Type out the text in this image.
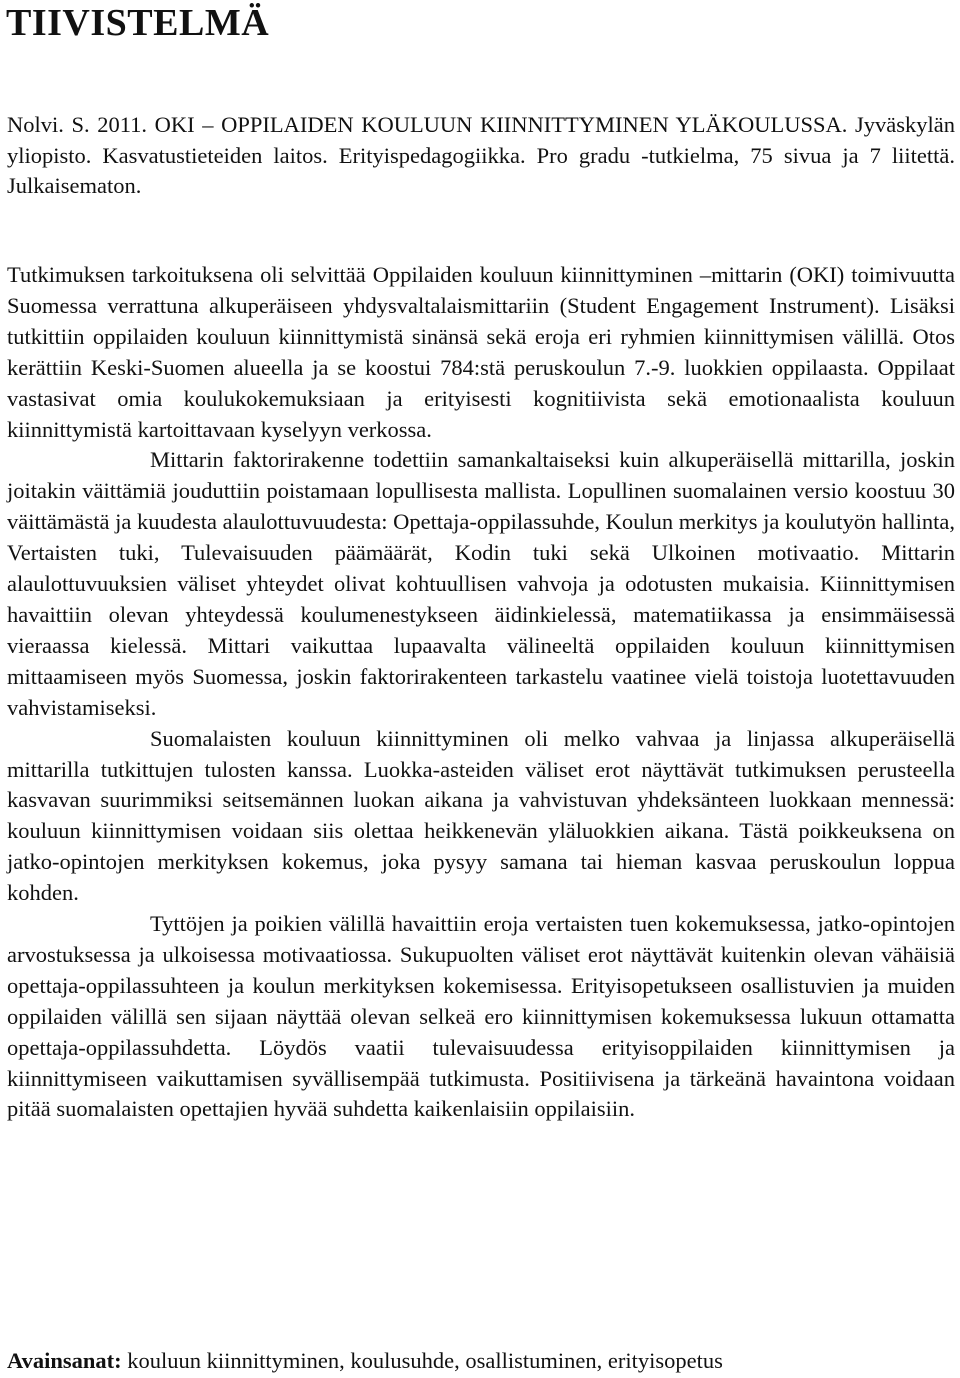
TIIVISTELMÄ
Nolvi. S. 2011. OKI – OPPILAIDEN KOULUUN KIINNITTYMINEN YLÄKOULUSSA. Jyväskylän yliopisto. Kasvatustieteiden laitos. Erityispedagogiikka. Pro gradu -tutkielma, 75 sivua ja 7 liitettä. Julkaisematon.

Tutkimuksen tarkoituksena oli selvittää Oppilaiden kouluun kiinnittyminen –mittarin (OKI) toimivuutta Suomessa verrattuna alkuperäiseen yhdysvaltalaismittariin (Student Engagement Instrument). Lisäksi tutkittiin oppilaiden kouluun kiinnittymistä sinänsä sekä eroja eri ryhmien kiinnittymisen välillä. Otos kerättiin Keski-Suomen alueella ja se koostui 784:stä peruskoulun 7.-9. luokkien oppilaasta. Oppilaat vastasivat omia koulukokemuksiaan ja erityisesti kognitiivista sekä emotionaalista kouluun kiinnittymistä kartoittavaan kyselyyn verkossa.

Mittarin faktorirakenne todettiin samankaltaiseksi kuin alkuperäisellä mittarilla, joskin joitakin väittämiä jouduttiin poistamaan lopullisesta mallista. Lopullinen suomalainen versio koostuu 30 väittämästä ja kuudesta alaulottuvuudesta: Opettaja-oppilassuhde, Koulun merkitys ja koulutyön hallinta, Vertaisten tuki, Tulevaisuuden päämäärät, Kodin tuki sekä Ulkoinen motivaatio. Mittarin alaulottuvuuksien väliset yhteydet olivat kohtuullisen vahvoja ja odotusten mukaisia. Kiinnittymisen havaittiin olevan yhteydessä koulumenestykseen äidinkielessä, matematiikassa ja ensimmäisessä vieraassa kielessä. Mittari vaikuttaa lupaavalta välineeltä oppilaiden kouluun kiinnittymisen mittaamiseen myös Suomessa, joskin faktorirakenteen tarkastelu vaatinee vielä toistoja luotettavuuden vahvistamiseksi.

Suomalaisten kouluun kiinnittyminen oli melko vahvaa ja linjassa alkuperäisellä mittarilla tutkittujen tulosten kanssa. Luokka-asteiden väliset erot näyttävät tutkimuksen perusteella kasvavan suurimmiksi seitsemännen luokan aikana ja vahvistuvan yhdeksänteen luokkaan mennessä: kouluun kiinnittymisen voidaan siis olettaa heikkenevän yläluokkien aikana. Tästä poikkeuksena on jatko-opintojen merkityksen kokemus, joka pysyy samana tai hieman kasvaa peruskoulun loppua kohden.

Tyttöjen ja poikien välillä havaittiin eroja vertaisten tuen kokemuksessa, jatko-opintojen arvostuksessa ja ulkoisessa motivaatiossa. Sukupuolten väliset erot näyttävät kuitenkin olevan vähäisiä opettaja-oppilassuhteen ja koulun merkityksen kokemisessa. Erityisopetukseen osallistuvien ja muiden oppilaiden välillä sen sijaan näyttää olevan selkeä ero kiinnittymisen kokemuksessa lukuun ottamatta opettaja-oppilassuhdetta. Löydös vaatii tulevaisuudessa erityisoppilaiden kiinnittymisen ja kiinnittymiseen vaikuttamisen syvällisempää tutkimusta. Positiivisena ja tärkeänä havaintona voidaan pitää suomalaisten opettajien hyvää suhdetta kaikenlaisiin oppilaisiin.

Avainsanat: kouluun kiinnittyminen, koulusuhde, osallistuminen, erityisopetus
